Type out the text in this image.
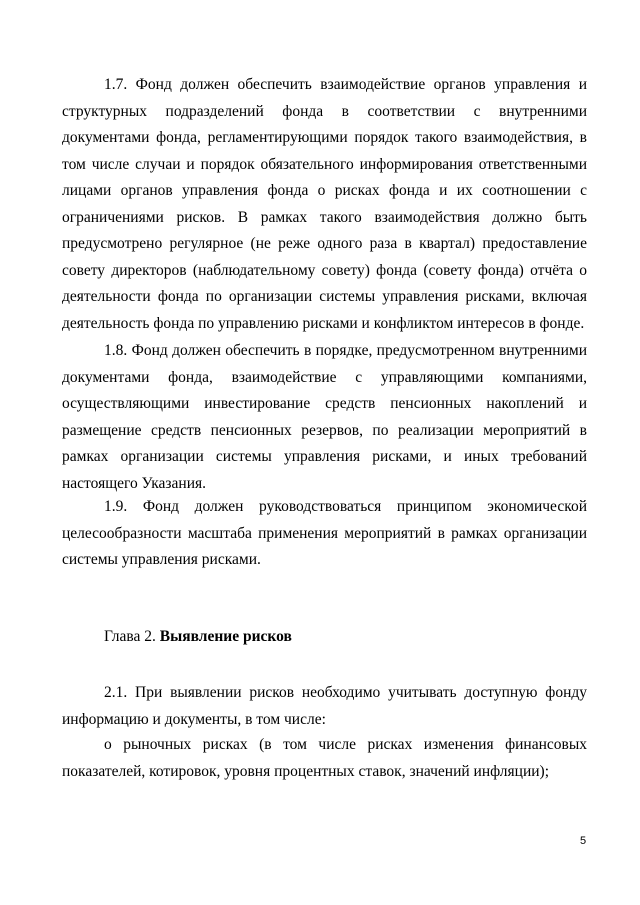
1.7. Фонд должен обеспечить взаимодействие органов управления и структурных подразделений фонда в соответствии с внутренними документами фонда, регламентирующими порядок такого взаимодействия, в том числе случаи и порядок обязательного информирования ответственными лицами органов управления фонда о рисках фонда и их соотношении с ограничениями рисков. В рамках такого взаимодействия должно быть предусмотрено регулярное (не реже одного раза в квартал) предоставление совету директоров (наблюдательному совету) фонда (совету фонда) отчёта о деятельности фонда по организации системы управления рисками, включая деятельность фонда по управлению рисками и конфликтом интересов в фонде.

1.8. Фонд должен обеспечить в порядке, предусмотренном внутренними документами фонда, взаимодействие с управляющими компаниями, осуществляющими инвестирование средств пенсионных накоплений и размещение средств пенсионных резервов, по реализации мероприятий в рамках организации системы управления рисками, и иных требований настоящего Указания.

1.9. Фонд должен руководствоваться принципом экономической целесообразности масштаба применения мероприятий в рамках организации системы управления рисками.

Глава 2. Выявление рисков

2.1. При выявлении рисков необходимо учитывать доступную фонду информацию и документы, в том числе:

о рыночных рисках (в том числе рисках изменения финансовых показателей, котировок, уровня процентных ставок, значений инфляции);

5
